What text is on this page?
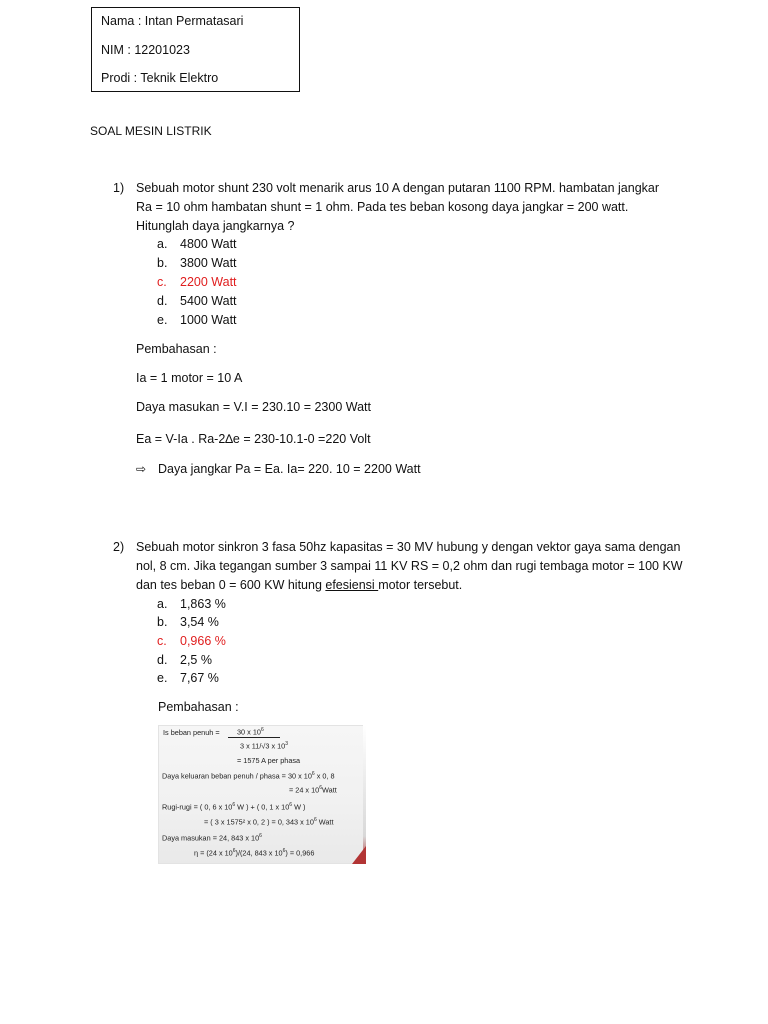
Nama : Intan Permatasari
NIM : 12201023
Prodi : Teknik Elektro
SOAL MESIN LISTRIK
1) Sebuah motor shunt 230 volt menarik arus 10 A dengan putaran 1100 RPM. hambatan jangkar
Ra = 10 ohm hambatan shunt = 1 ohm. Pada tes beban kosong daya jangkar = 200 watt.
Hitunglah daya jangkarnya ?
a. 4800 Watt
b. 3800 Watt
c. 2200 Watt
d. 5400 Watt
e. 1000 Watt
Pembahasan :
Ia = 1 motor = 10 A
Daya masukan = V.I = 230.10 = 2300 Watt
Ea = V-Ia . Ra-2∆e = 230-10.1-0 =220 Volt
⇨ Daya jangkar Pa = Ea. Ia= 220. 10 = 2200 Watt
2) Sebuah motor sinkron 3 fasa 50hz kapasitas = 30 MV hubung y dengan vektor gaya sama dengan
nol, 8 cm. Jika tegangan sumber 3 sampai 11 KV RS = 0,2 ohm dan rugi tembaga motor = 100 KW
dan tes beban 0 = 600 KW hitung efesiensi motor tersebut.
a. 1,863 %
b. 3,54 %
c. 0,966 %
d. 2,5 %
e. 7,67 %
Pembahasan :
Is beban penuh = 30 x $10^6$
3 x 11/√3 x $10^3$
= 1575 A per phasa
Daya keluaran beban penuh / phasa = 30 x $10^6$ x 0, 8
= 24 x $10^6Watt$
Rugi-rugi = ( 0, 6 x $10^6$ W ) + ( 0, 1 x $10^6$ W )
= ( 3 x 1575² x 0, 2 ) = 0, 343 x $10^6$ Watt
Daya masukan = 24, 843 x $10^6$
η = (24 x $10^6)/(24$, 843 x $10^6) = 0,966$
